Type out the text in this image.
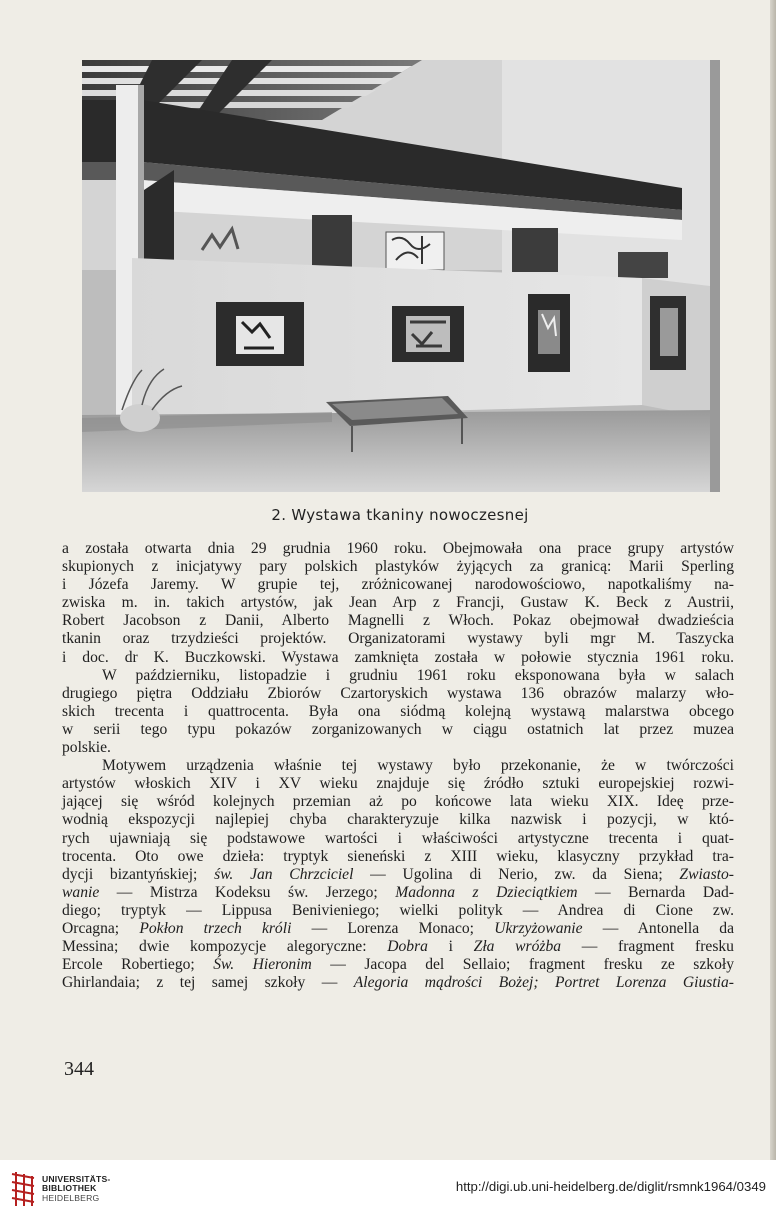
2. Wystawa tkaniny nowoczesnej
a została otwarta dnia 29 grudnia 1960 roku. Obejmowała ona prace grupy artystów
skupionych z inicjatywy pary polskich plastyków żyjących za granicą: Marii Sperling
i Józefa Jaremy. W grupie tej, zróżnicowanej narodowościowo, napotkaliśmy na-
zwiska m. in. takich artystów, jak Jean Arp z Francji, Gustaw K. Beck z Austrii,
Robert Jacobson z Danii, Alberto Magnelli z Włoch. Pokaz obejmował dwadzieścia
tkanin oraz trzydzieści projektów. Organizatorami wystawy byli mgr M. Taszycka
i doc. dr K. Buczkowski. Wystawa zamknięta została w połowie stycznia 1961 roku.
W październiku, listopadzie i grudniu 1961 roku eksponowana była w salach
drugiego piętra Oddziału Zbiorów Czartoryskich wystawa 136 obrazów malarzy wło-
skich trecenta i quattrocenta. Była ona siódmą kolejną wystawą malarstwa obcego
w serii tego typu pokazów zorganizowanych w ciągu ostatnich lat przez muzea
polskie.
Motywem urządzenia właśnie tej wystawy było przekonanie, że w twórczości
artystów włoskich XIV i XV wieku znajduje się źródło sztuki europejskiej rozwi-
jającej się wśród kolejnych przemian aż po końcowe lata wieku XIX. Ideę prze-
wodnią ekspozycji najlepiej chyba charakteryzuje kilka nazwisk i pozycji, w któ-
rych ujawniają się podstawowe wartości i właściwości artystyczne trecenta i quat-
trocenta. Oto owe dzieła: tryptyk sieneński z XIII wieku, klasyczny przykład tra-
dycji bizantyńskiej; św. Jan Chrzciciel — Ugolina di Nerio, zw. da Siena; Zwiasto-
wanie — Mistrza Kodeksu św. Jerzego; Madonna z Dzieciątkiem — Bernarda Dad-
diego; tryptyk — Lippusa Benivieniego; wielki polityk — Andrea di Cione zw.
Orcagna; Pokłon trzech króli — Lorenza Monaco; Ukrzyżowanie — Antonella da
Messina; dwie kompozycje alegoryczne: Dobra i Zła wróżba — fragment fresku
Ercole Robertiego; Św. Hieronim — Jacopa del Sellaio; fragment fresku ze szkoły
Ghirlandaia; z tej samej szkoły — Alegoria mądrości Bożej; Portret Lorenza Giustia-
344
UNIVERSITÄTS-
BIBLIOTHEK
HEIDELBERG
http://digi.ub.uni-heidelberg.de/diglit/rsmnk1964/0349
